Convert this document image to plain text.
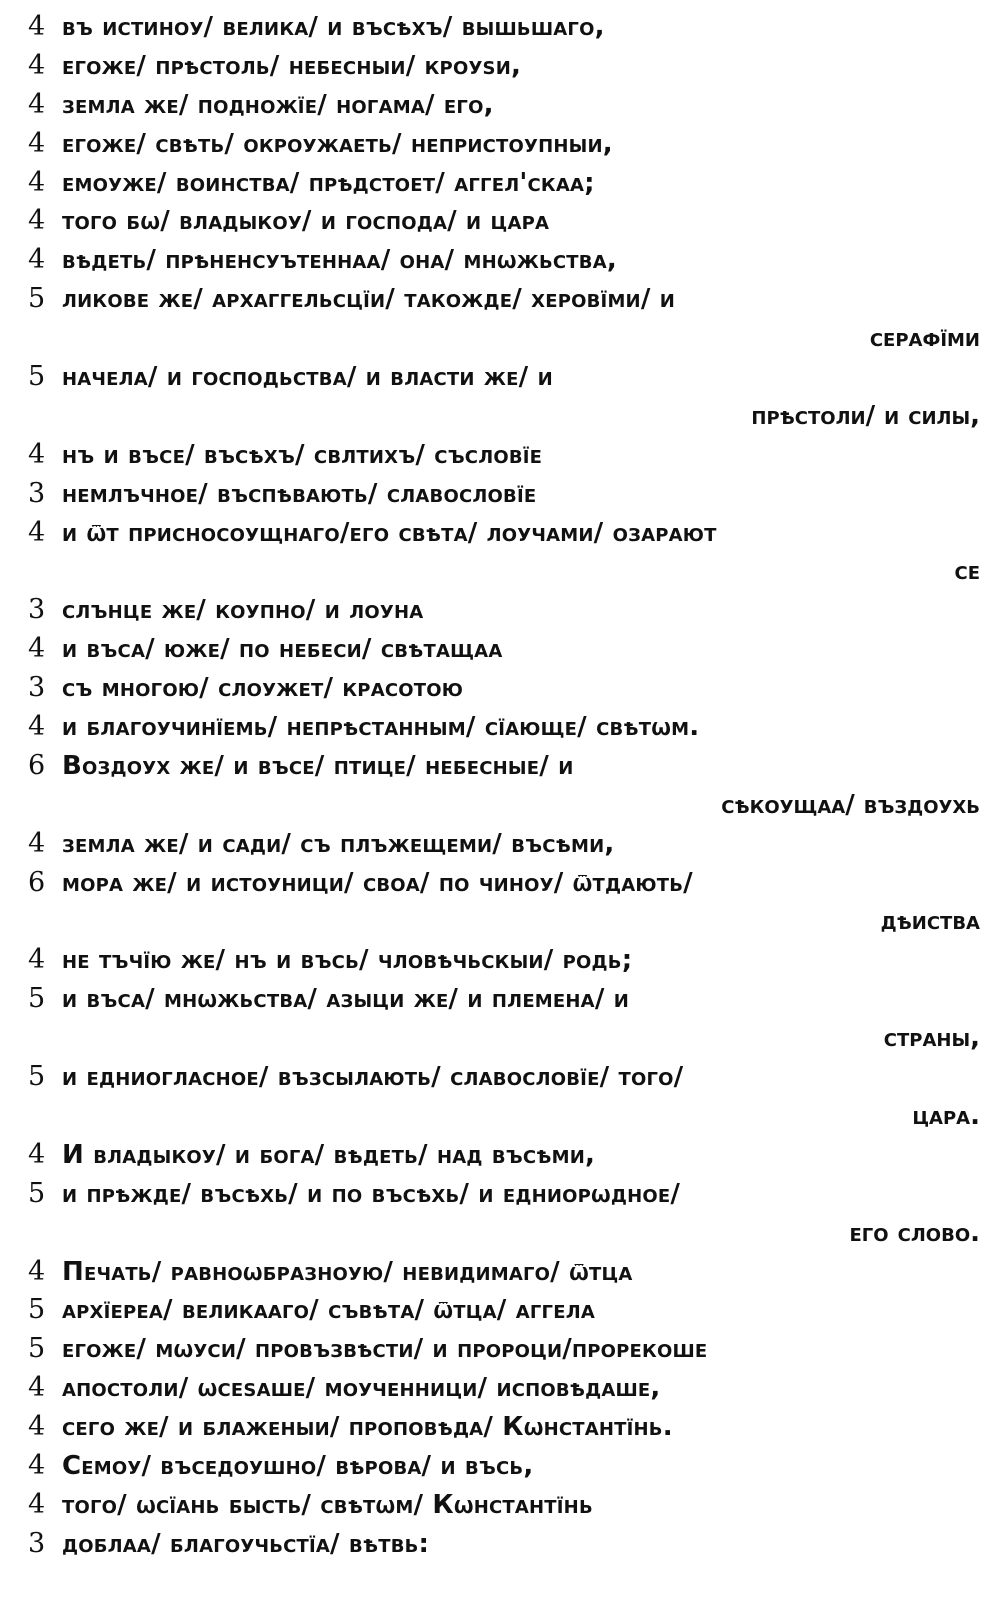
4 въ истиноу/ велика/ и въсѣхъ/ вышьшаго,
4 егоже/ прѣстоль/ небесныи/ кроуѕи,
4 земла же/ подножїе/ ногама/ его,
4 егоже/ свѣть/ окроужаеть/ непристоупныи,
4 емоуже/ воинства/ прѣдстоет/ аггел'скаа;
4 того бѡ/ владыкоу/ и господа/ и цара
4 вѣдеть/ прѣненсуътеннаа/ она/ мнѡжьства,
5 ликове же/ архаггельсцїи/ такожде/ херовїми/ и
серафїми
5 начела/ и господьства/ и власти же/ и
прѣстоли/ и силы,
4 нъ и въсе/ въсѣхъ/ свлтихъ/ съсловїе
3 немлъчное/ въспѣвають/ славословїе
4 и ѿт присносоущнаго/его свѣта/ лоучами/ озарают
се
3 слънце же/ коупно/ и лоуна
4 и въса/ юже/ по небеси/ свѣтащаа
3 съ многою/ слоужет/ красотою
4 и благоучинїемь/ непрѣстанным/ сїающе/ свѣтѡм.
6 Воздоух же/ и въсе/ птице/ небесные/ и
сѣкоущаа/ въздоухь
4 земла же/ и сади/ съ плъжещеми/ въсѣми,
6 мора же/ и истоуници/ своа/ по чиноу/ ѿтдають/
дѣиства
4 не тъчїю же/ нъ и въсь/ чловѣчьскыи/ родь;
5 и въса/ мнѡжьства/ азыци же/ и племена/ и
страны,
5 и едниогласное/ възсылають/ славословїе/ того/
цара.
4 И владыкоу/ и бога/ вѣдеть/ над въсѣми,
5 и прѣжде/ въсѣхь/ и по въсѣхь/ и едниорѡдное/
его слово.
4 Печать/ равноѡбразноую/ невидимаго/ ѿтца
5 архїереа/ великааго/ съвѣта/ ѿтца/ аггела
5 егоже/ мѡуси/ провъзвѣсти/ и пророци/прорекоше
4 апостоли/ ѡсеѕаше/ моученници/ исповѣдаше,
4 сего же/ и блаженыи/ проповѣда/ Кѡнстантїнь.
4 Семоу/ въседоушно/ вѣрова/ и въсь,
4 того/ ѡсїань бысть/ свѣтѡм/ Кѡнстантїнь
3 доблаа/ благоучьстїа/ вѣтвь:
